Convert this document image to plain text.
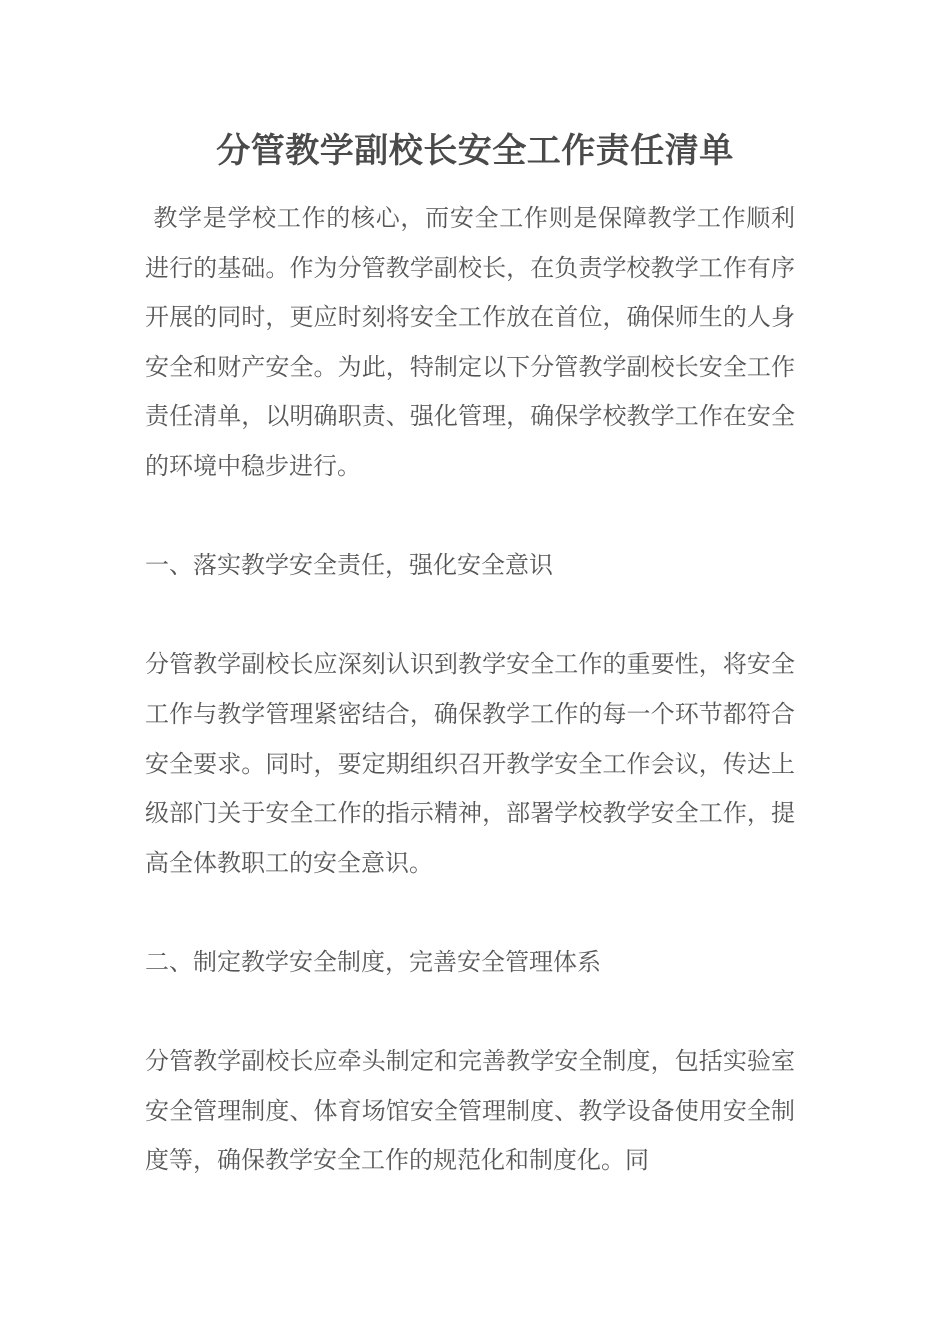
分管教学副校长安全工作责任清单

教学是学校工作的核心，而安全工作则是保障教学工作顺利进行的基础。作为分管教学副校长，在负责学校教学工作有序开展的同时，更应时刻将安全工作放在首位，确保师生的人身安全和财产安全。为此，特制定以下分管教学副校长安全工作责任清单，以明确职责、强化管理，确保学校教学工作在安全的环境中稳步进行。

一、落实教学安全责任，强化安全意识

分管教学副校长应深刻认识到教学安全工作的重要性，将安全工作与教学管理紧密结合，确保教学工作的每一个环节都符合安全要求。同时，要定期组织召开教学安全工作会议，传达上级部门关于安全工作的指示精神，部署学校教学安全工作，提高全体教职工的安全意识。

二、制定教学安全制度，完善安全管理体系

分管教学副校长应牵头制定和完善教学安全制度，包括实验室安全管理制度、体育场馆安全管理制度、教学设备使用安全制度等，确保教学安全工作的规范化和制度化。同
